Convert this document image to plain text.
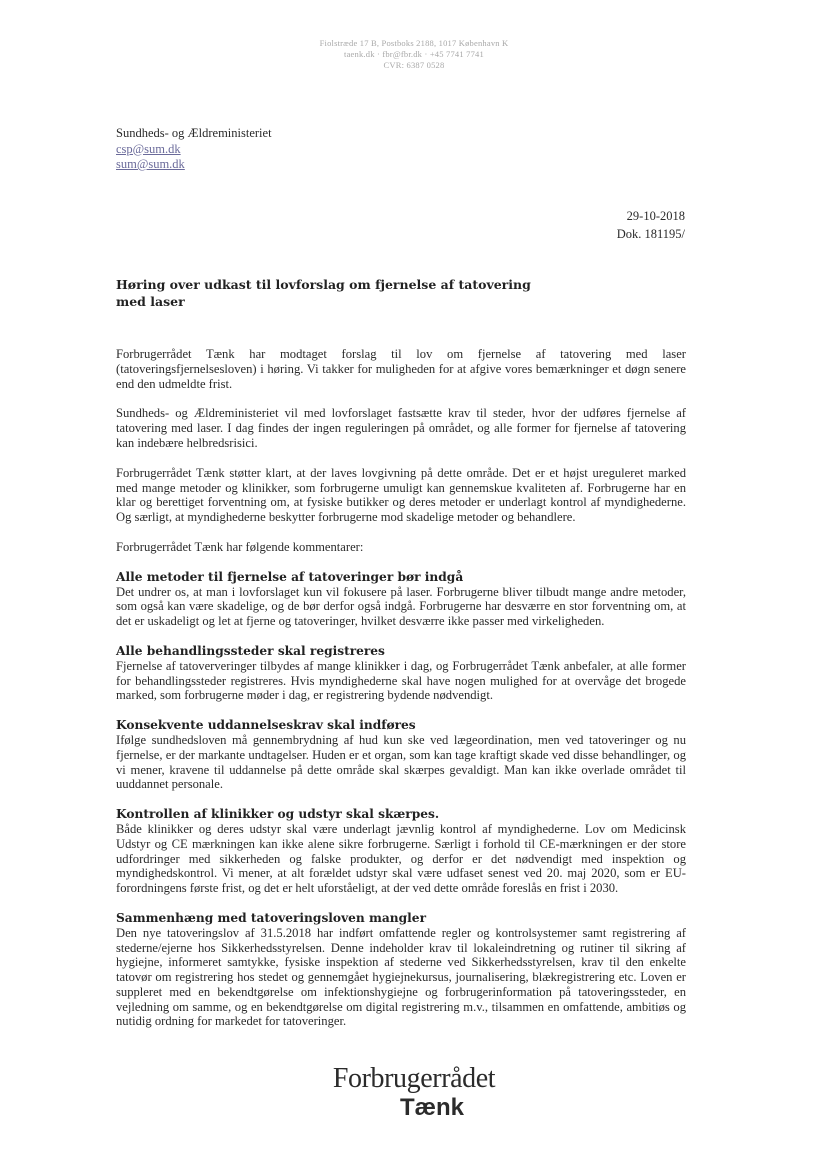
Fiolstræde 17 B, Postboks 2188, 1017 København K
taenk.dk · fbr@fbr.dk · +45 7741 7741
CVR: 6387 0528
Sundheds- og Ældreministeriet
csp@sum.dk
sum@sum.dk
29-10-2018
Dok. 181195/
Høring over udkast til lovforslag om fjernelse af tatovering med laser

Forbrugerrådet Tænk har modtaget forslag til lov om fjernelse af tatovering med laser (tatoveringsfjernelsesloven) i høring. Vi takker for muligheden for at afgive vores bemærkninger et døgn senere end den udmeldte frist.

Sundheds- og Ældreministeriet vil med lovforslaget fastsætte krav til steder, hvor der udføres fjernelse af tatovering med laser. I dag findes der ingen reguleringen på området, og alle former for fjernelse af tatovering kan indebære helbredsrisici.

Forbrugerrådet Tænk støtter klart, at der laves lovgivning på dette område. Det er et højst ureguleret marked med mange metoder og klinikker, som forbrugerne umuligt kan gennemskue kvaliteten af. Forbrugerne har en klar og berettiget forventning om, at fysiske butikker og deres metoder er underlagt kontrol af myndighederne. Og særligt, at myndighederne beskytter forbrugerne mod skadelige metoder og behandlere.

Forbrugerrådet Tænk har følgende kommentarer:

Alle metoder til fjernelse af tatoveringer bør indgå

Det undrer os, at man i lovforslaget kun vil fokusere på laser. Forbrugerne bliver tilbudt mange andre metoder, som også kan være skadelige, og de bør derfor også indgå. Forbrugerne har desværre en stor forventning om, at det er uskadeligt og let at fjerne og tatoveringer, hvilket desværre ikke passer med virkeligheden.

Alle behandlingssteder skal registreres

Fjernelse af tatoververinger tilbydes af mange klinikker i dag, og Forbrugerrådet Tænk anbefaler, at alle former for behandlingssteder registreres. Hvis myndighederne skal have nogen mulighed for at overvåge det brogede marked, som forbrugerne møder i dag, er registrering bydende nødvendigt.

Konsekvente uddannelseskrav skal indføres

Ifølge sundhedsloven må gennembrydning af hud kun ske ved lægeordination, men ved tatoveringer og nu fjernelse, er der markante undtagelser. Huden er et organ, som kan tage kraftigt skade ved disse behandlinger, og vi mener, kravene til uddannelse på dette område skal skærpes gevaldigt. Man kan ikke overlade området til uuddannet personale.

Kontrollen af klinikker og udstyr skal skærpes.

Både klinikker og deres udstyr skal være underlagt jævnlig kontrol af myndighederne. Lov om Medicinsk Udstyr og CE mærkningen kan ikke alene sikre forbrugerne. Særligt i forhold til CE-mærkningen er der store udfordringer med sikkerheden og falske produkter, og derfor er det nødvendigt med inspektion og myndighedskontrol. Vi mener, at alt forældet udstyr skal være udfaset senest ved 20. maj 2020, som er EU-forordningens første frist, og det er helt uforståeligt, at der ved dette område foreslås en frist i 2030.

Sammenhæng med tatoveringsloven mangler

Den nye tatoveringslov af 31.5.2018 har indført omfattende regler og kontrolsystemer samt registrering af stederne/ejerne hos Sikkerhedsstyrelsen. Denne indeholder krav til lokaleindretning og rutiner til sikring af hygiejne, informeret samtykke, fysiske inspektion af stederne ved Sikkerhedsstyrelsen, krav til den enkelte tatovør om registrering hos stedet og gennemgået hygiejnekursus, journalisering, blækregistrering etc. Loven er suppleret med en bekendtgørelse om infektionshygiejne og forbrugerinformation på tatoveringssteder, en vejledning om samme, og en bekendtgørelse om digital registrering m.v., tilsammen en omfattende, ambitiøs og nutidig ordning for markedet for tatoveringer.

Forbrugerrådet
Tænk
